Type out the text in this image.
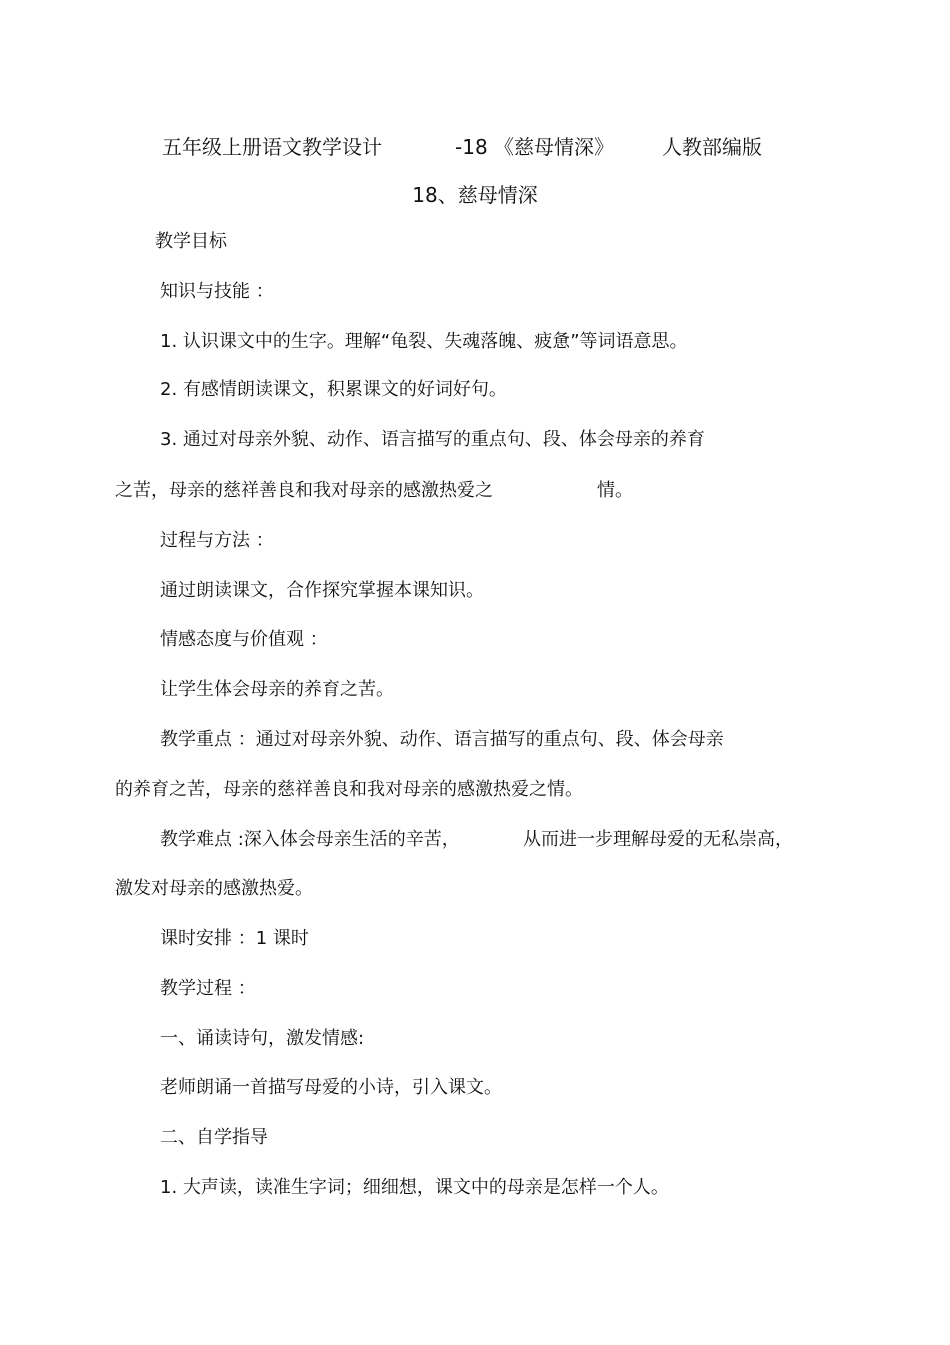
五年级上册语文教学设计	-18 《慈母情深》 人教部编版
18、慈母情深
教学目标
知识与技能 ：
1. 认识课文中的生字。理解“龟裂、失魂落魄、疲惫”等词语意思。
2. 有感情朗读课文，积累课文的好词好句。
3. 通过对母亲外貌、动作、语言描写的重点句、段、体会母亲的养育
之苦，母亲的慈祥善良和我对母亲的感激热爱之	情。
过程与方法 ：
通过朗读课文，合作探究掌握本课知识。
情感态度与价值观 ：
让学生体会母亲的养育之苦。
教学重点 ：通过对母亲外貌、动作、语言描写的重点句、段、体会母亲
的养育之苦，母亲的慈祥善良和我对母亲的感激热爱之情。
教学难点 :深入体会母亲生活的辛苦，	从而进一步理解母爱的无私崇高，
激发对母亲的感激热爱。
课时安排 ：1 课时
教学过程 ：
一、诵读诗句，激发情感:
老师朗诵一首描写母爱的小诗，引入课文。
二、自学指导
1. 大声读，读准生字词；细细想，课文中的母亲是怎样一个人。
